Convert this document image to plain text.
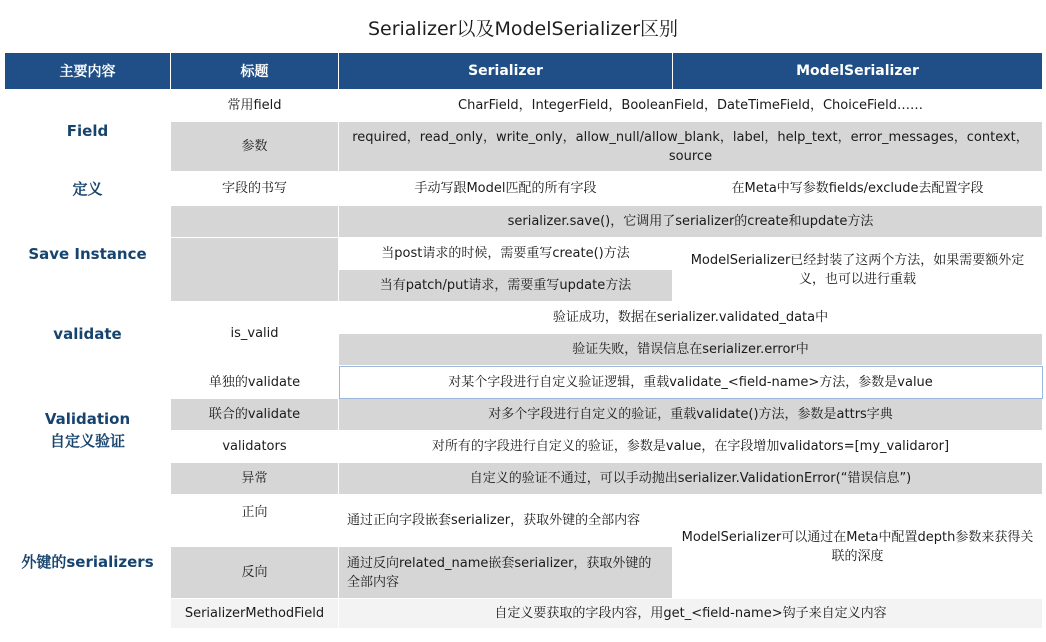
Serializer以及ModelSerializer区别
主要内容	标题	Serializer	ModelSerializer
Field	常用field	CharField，IntegerField，BooleanField，DateTimeField，ChoiceField……	
	参数	required，read_only，write_only，allow_null/allow_blank，label，help_text，error_messages，context，source	
定义	字段的书写	手动写跟Model匹配的所有字段	在Meta中写参数fields/exclude去配置字段
Save Instance		serializer.save()，它调用了serializer的create和update方法	
		当post请求的时候，需要重写create()方法	ModelSerializer已经封装了这两个方法，如果需要额外定义，也可以进行重载
		当有patch/put请求，需要重写update方法	
validate	is_valid	验证成功，数据在serializer.validated_data中	
		验证失败，错误信息在serializer.error中	
Validation
自定义验证	单独的validate	对某个字段进行自定义验证逻辑，重载validate_<field-name>方法，参数是value	
	联合的validate	对多个字段进行自定义的验证，重载validate()方法，参数是attrs字典	
	validators	对所有的字段进行自定义的验证，参数是value，在字段增加validators=[my_validaror]	
	异常	自定义的验证不通过，可以手动抛出serializer.ValidationError(“错误信息”)	
外键的serializers	正向	通过正向字段嵌套serializer，获取外键的全部内容	ModelSerializer可以通过在Meta中配置depth参数来获得关联的深度
	反向	通过反向related_name嵌套serializer，获取外键的全部内容	
	SerializerMethodField	自定义要获取的字段内容，用get_<field-name>钩子来自定义内容	
